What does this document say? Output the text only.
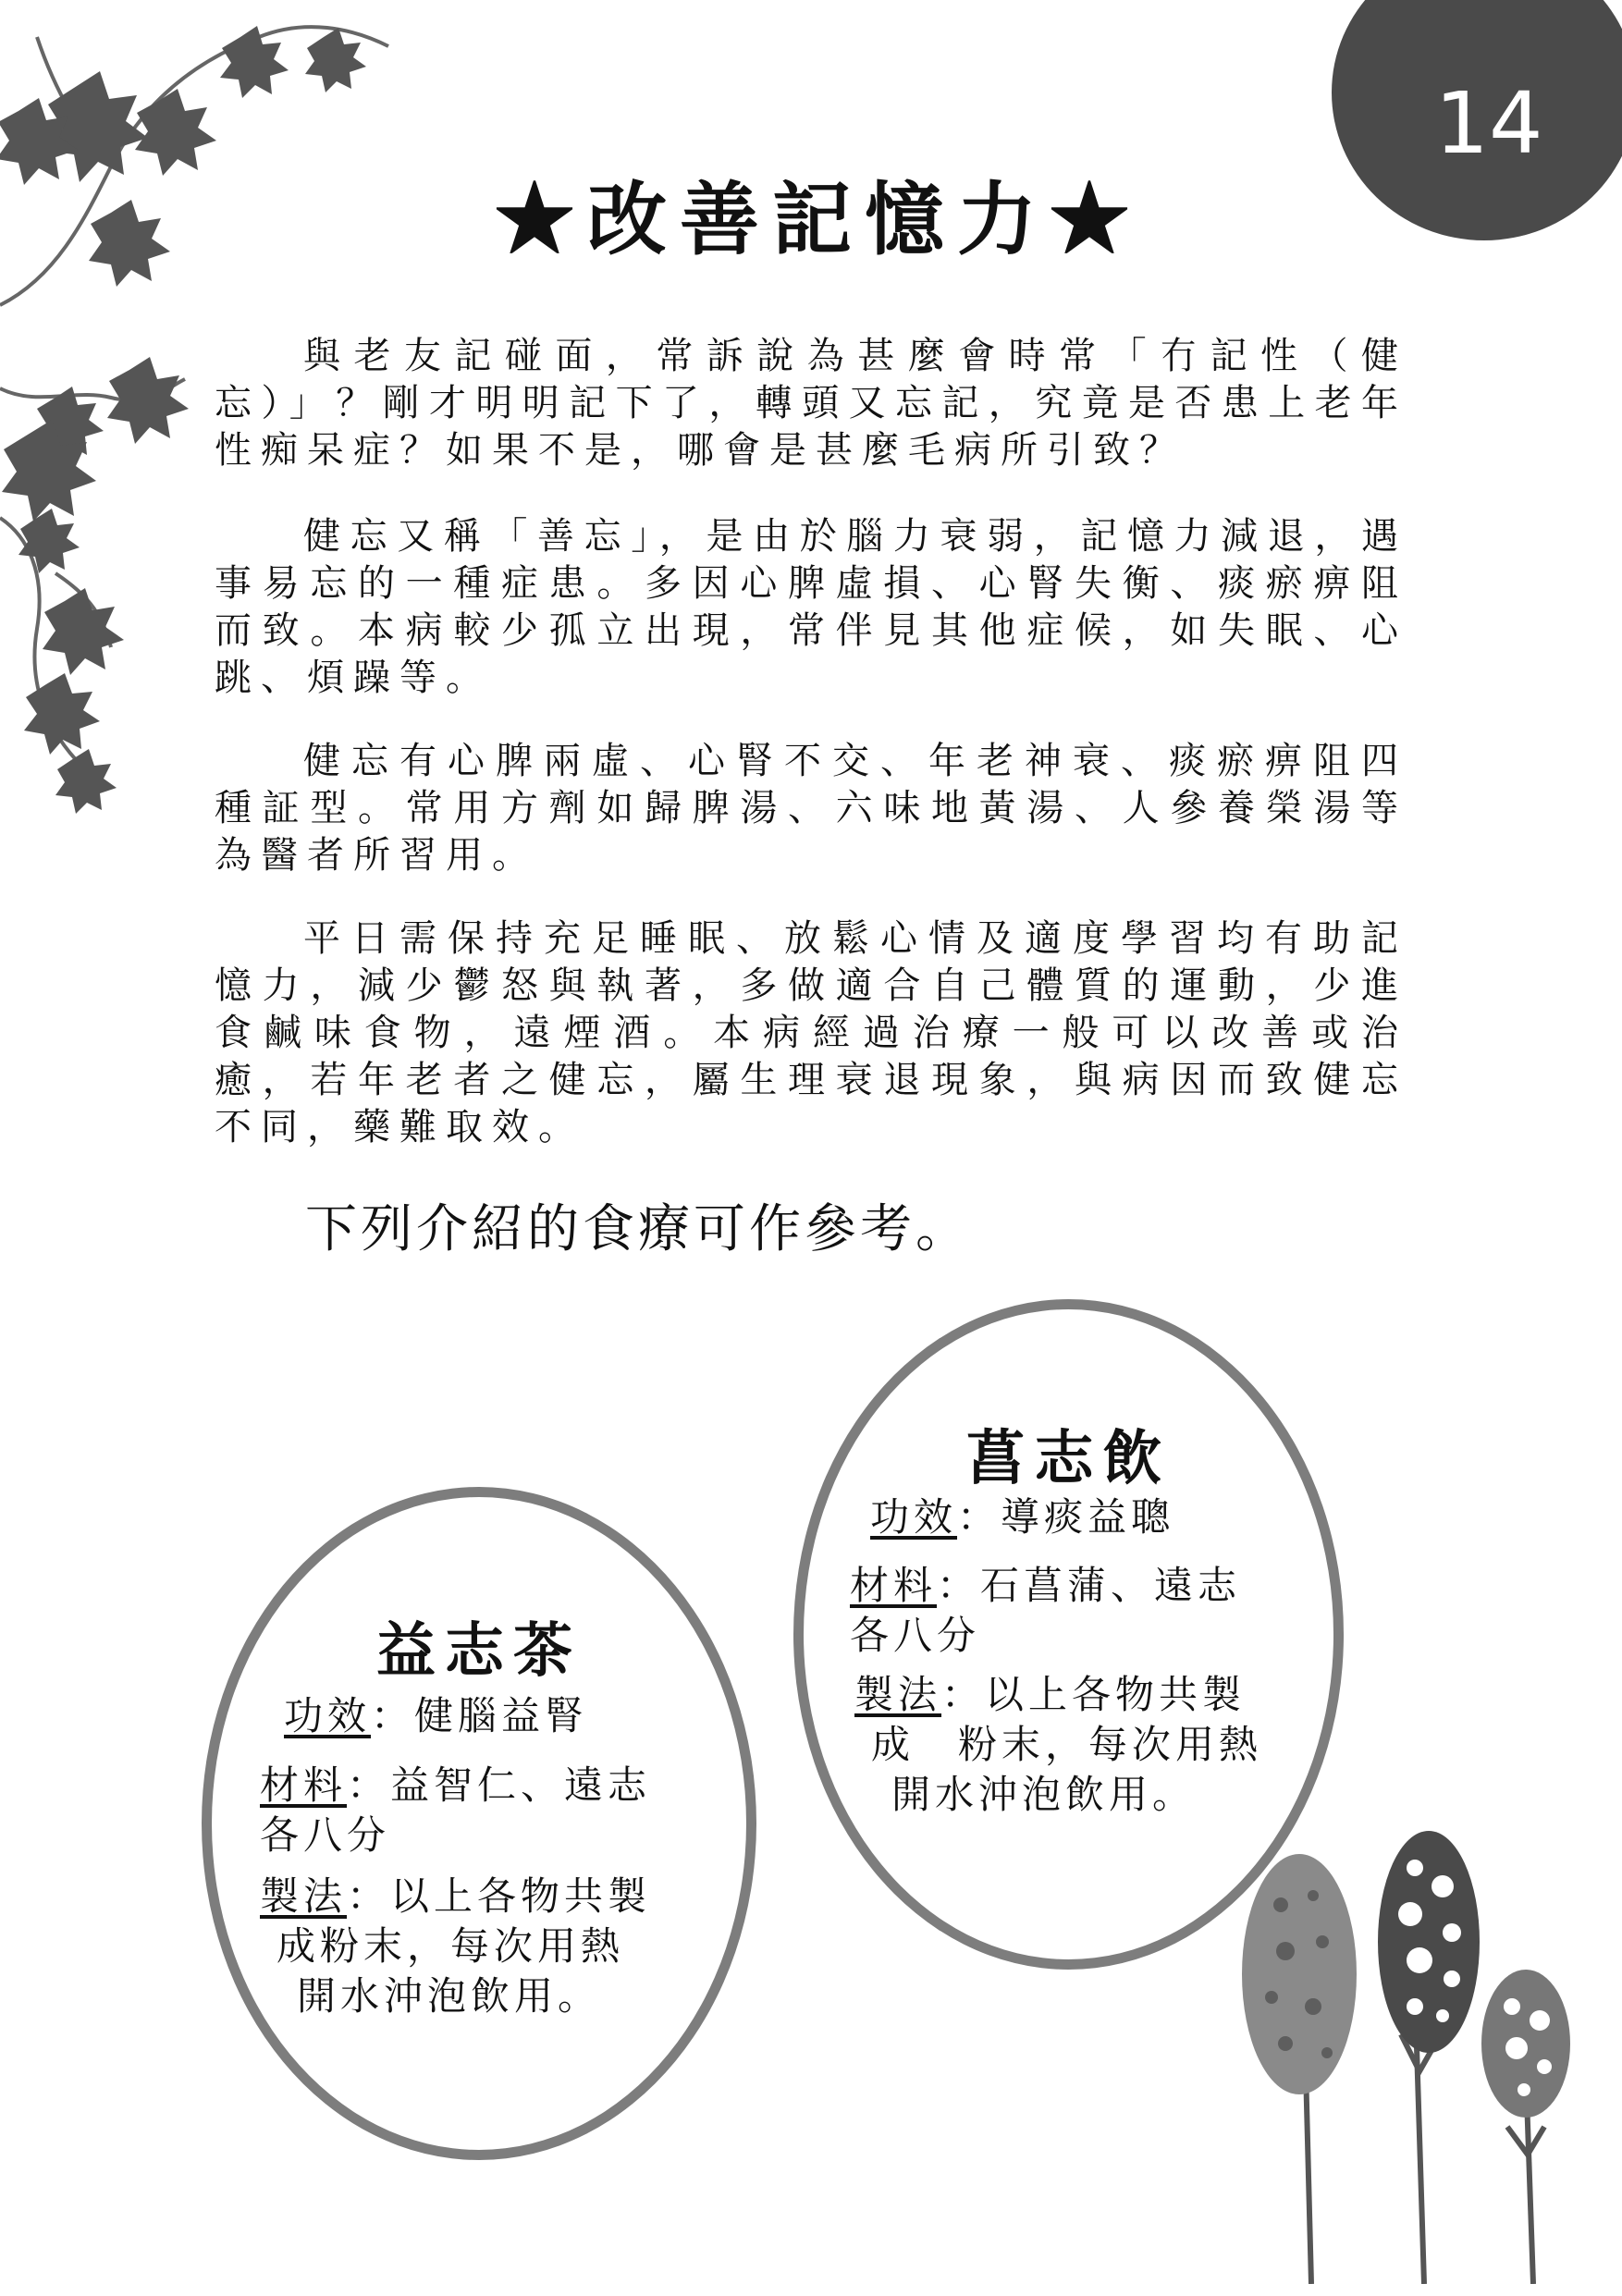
14
★改善記憶力★

與老友記碰面，常訴說為甚麼會時常「冇記性（健忘）」？剛才明明記下了，轉頭又忘記，究竟是否患上老年性痴呆症？如果不是，哪會是甚麼毛病所引致？

健忘又稱「善忘」，是由於腦力衰弱，記憶力減退，遇事易忘的一種症患。多因心脾虛損、心腎失衡、痰瘀痹阻而致。本病較少孤立出現，常伴見其他症候，如失眠、心跳、煩躁等。

健忘有心脾兩虛、心腎不交、年老神衰、痰瘀痹阻四種証型。常用方劑如歸脾湯、六味地黃湯、人參養榮湯等為醫者所習用。

平日需保持充足睡眠、放鬆心情及適度學習均有助記憶力，減少鬱怒與執著，多做適合自己體質的運動，少進食鹹味食物，遠煙酒。本病經過治療一般可以改善或治癒，若年老者之健忘，屬生理衰退現象，與病因而致健忘不同，藥難取效。

下列介紹的食療可作參考。
益志茶
功效：健腦益腎
材料：益智仁、遠志
各八分
製法：以上各物共製
成粉末，每次用熱
開水沖泡飲用。
菖志飲
功效：導痰益聰
材料：石菖蒲、遠志
各八分
製法：以上各物共製
成　粉末，每次用熱
開水沖泡飲用。
